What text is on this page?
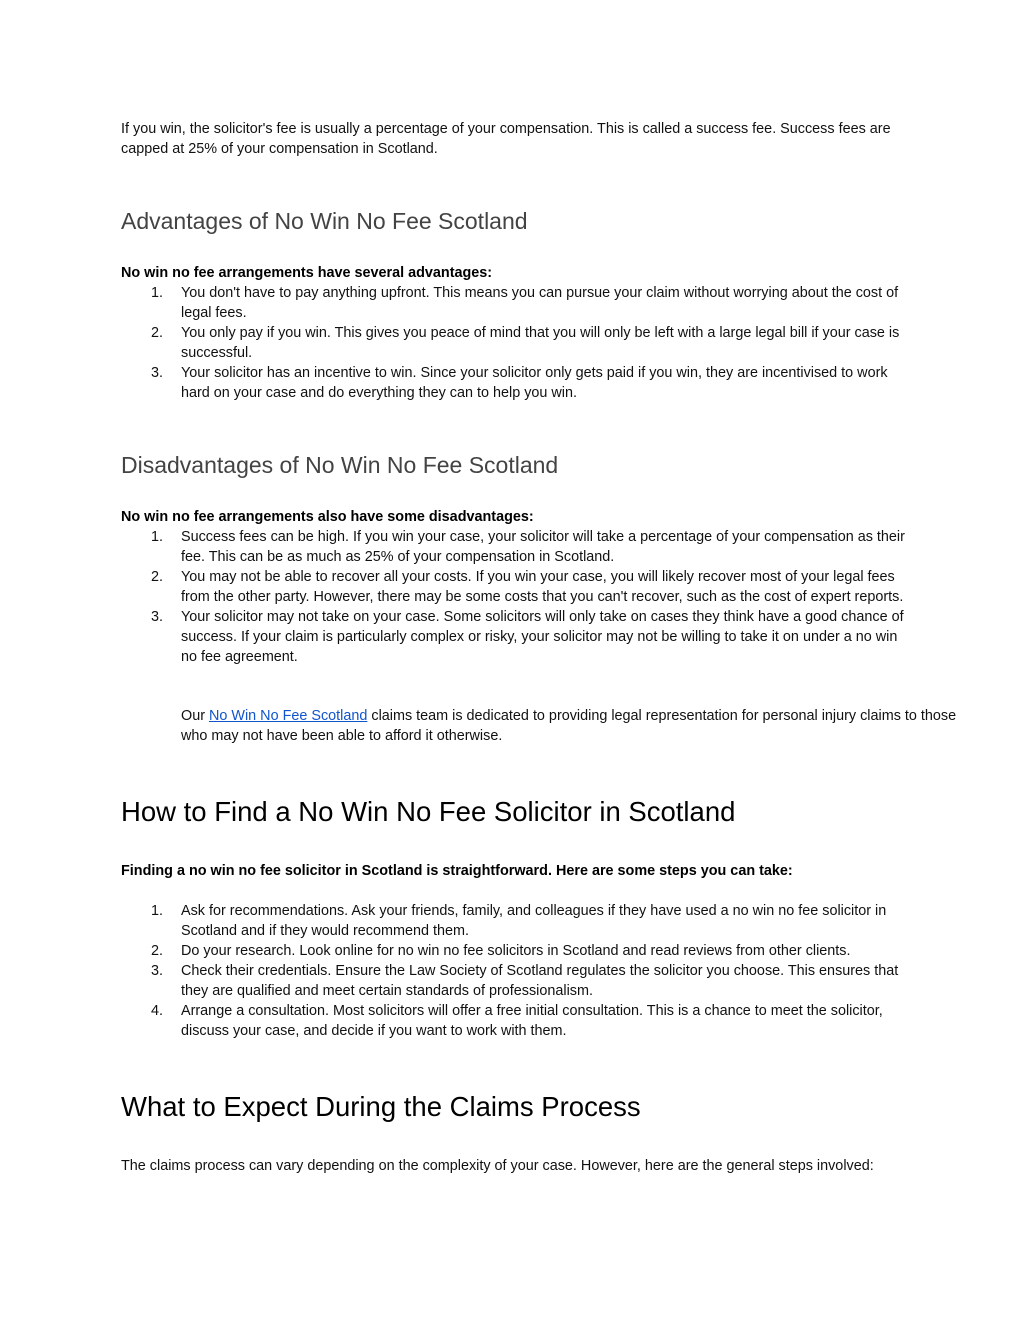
If you win, the solicitor's fee is usually a percentage of your compensation. This is called a success fee. Success fees are capped at 25% of your compensation in Scotland.

Advantages of No Win No Fee Scotland

No win no fee arrangements have several advantages:

1. You don't have to pay anything upfront. This means you can pursue your claim without worrying about the cost of legal fees.
2. You only pay if you win. This gives you peace of mind that you will only be left with a large legal bill if your case is successful.
3. Your solicitor has an incentive to win. Since your solicitor only gets paid if you win, they are incentivised to work hard on your case and do everything they can to help you win.
Disadvantages of No Win No Fee Scotland

No win no fee arrangements also have some disadvantages:

1. Success fees can be high. If you win your case, your solicitor will take a percentage of your compensation as their fee. This can be as much as 25% of your compensation in Scotland.
2. You may not be able to recover all your costs. If you win your case, you will likely recover most of your legal fees from the other party. However, there may be some costs that you can't recover, such as the cost of expert reports.
3. Your solicitor may not take on your case. Some solicitors will only take on cases they think have a good chance of success. If your claim is particularly complex or risky, your solicitor may not be willing to take it on under a no win no fee agreement.

Our No Win No Fee Scotland claims team is dedicated to providing legal representation for personal injury claims to those who may not have been able to afford it otherwise.

How to Find a No Win No Fee Solicitor in Scotland

Finding a no win no fee solicitor in Scotland is straightforward. Here are some steps you can take:

1. Ask for recommendations. Ask your friends, family, and colleagues if they have used a no win no fee solicitor in Scotland and if they would recommend them.
2. Do your research. Look online for no win no fee solicitors in Scotland and read reviews from other clients.
3. Check their credentials. Ensure the Law Society of Scotland regulates the solicitor you choose. This ensures that they are qualified and meet certain standards of professionalism.
4. Arrange a consultation. Most solicitors will offer a free initial consultation. This is a chance to meet the solicitor, discuss your case, and decide if you want to work with them.
What to Expect During the Claims Process

The claims process can vary depending on the complexity of your case. However, here are the general steps involved:
